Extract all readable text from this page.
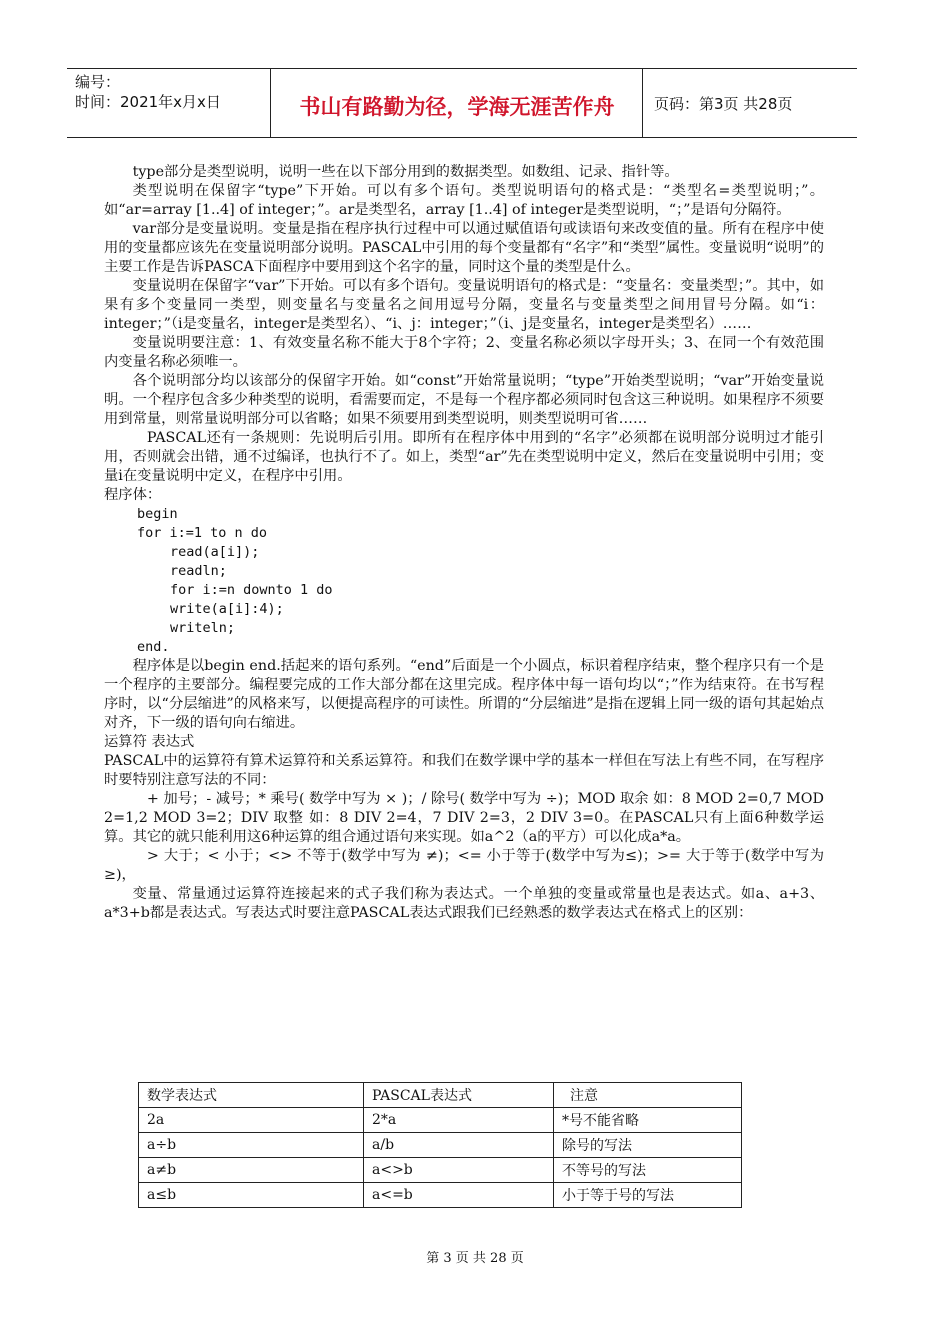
编号：
时间：2021年x月x日	书山有路勤为径，学海无涯苦作舟	页码：第3页 共28页

type部分是类型说明，说明一些在以下部分用到的数据类型。如数组、记录、指针等。

类型说明在保留字“type”下开始。可以有多个语句。类型说明语句的格式是：“类型名=类型说明；”。如“ar=array [1..4] of integer；”。ar是类型名，array [1..4] of integer是类型说明，“；”是语句分隔符。

var部分是变量说明。变量是指在程序执行过程中可以通过赋值语句或读语句来改变值的量。所有在程序中使用的变量都应该先在变量说明部分说明。PASCAL中引用的每个变量都有“名字”和“类型”属性。变量说明“说明”的主要工作是告诉PASCA下面程序中要用到这个名字的量，同时这个量的类型是什么。

变量说明在保留字“var”下开始。可以有多个语句。变量说明语句的格式是：“变量名：变量类型；”。其中，如果有多个变量同一类型，则变量名与变量名之间用逗号分隔，变量名与变量类型之间用冒号分隔。如“i：integer；”（i是变量名，integer是类型名）、“i、j：integer；”（i、j是变量名，integer是类型名）……

变量说明要注意：1、有效变量名称不能大于8个字符；2、变量名称必须以字母开头；3、在同一个有效范围内变量名称必须唯一。

各个说明部分均以该部分的保留字开始。如“const”开始常量说明；“type”开始类型说明；“var”开始变量说明。一个程序包含多少种类型的说明，看需要而定，不是每一个程序都必须同时包含这三种说明。如果程序不须要用到常量，则常量说明部分可以省略；如果不须要用到类型说明，则类型说明可省……

PASCAL还有一条规则：先说明后引用。即所有在程序体中用到的“名字”必须都在说明部分说明过才能引用，否则就会出错，通不过编译，也执行不了。如上，类型“ar”先在类型说明中定义，然后在变量说明中引用；变量i在变量说明中定义，在程序中引用。

程序体：

begin
for i:=1 to n do
read(a[i]);
readln;
for i:=n downto 1 do
write(a[i]:4);
writeln;
end.

程序体是以begin end.括起来的语句系列。“end”后面是一个小圆点，标识着程序结束，整个程序只有一个是一个程序的主要部分。编程要完成的工作大部分都在这里完成。程序体中每一语句均以“；”作为结束符。在书写程序时，以“分层缩进”的风格来写，以便提高程序的可读性。所谓的“分层缩进”是指在逻辑上同一级的语句其起始点对齐，下一级的语句向右缩进。

运算符 表达式

PASCAL中的运算符有算术运算符和关系运算符。和我们在数学课中学的基本一样但在写法上有些不同，在写程序时要特别注意写法的不同：

+ 加号；- 减号；* 乘号( 数学中写为 × )；/ 除号( 数学中写为 ÷)；MOD 取余 如：8 MOD 2=0,7 MOD 2=1,2 MOD 3=2；DIV 取整 如：8 DIV 2=4，7 DIV 2=3，2 DIV 3=0。在PASCAL只有上面6种数学运算。其它的就只能利用这6种运算的组合通过语句来实现。如a^2（a的平方）可以化成a*a。

> 大于；< 小于；<> 不等于(数学中写为 ≠)；<= 小于等于(数学中写为≤)；>= 大于等于(数学中写为 ≥)，

变量、常量通过运算符连接起来的式子我们称为表达式。一个单独的变量或常量也是表达式。如a、a+3、a*3+b都是表达式。写表达式时要注意PASCAL表达式跟我们已经熟悉的数学表达式在格式上的区别：

数学表达式	PASCAL表达式	注意
2a	2*a	*号不能省略
a÷b	a/b	除号的写法
a≠b	a<>b	不等号的写法
a≤b	a<=b	小于等于号的写法
第 3 页 共 28 页
